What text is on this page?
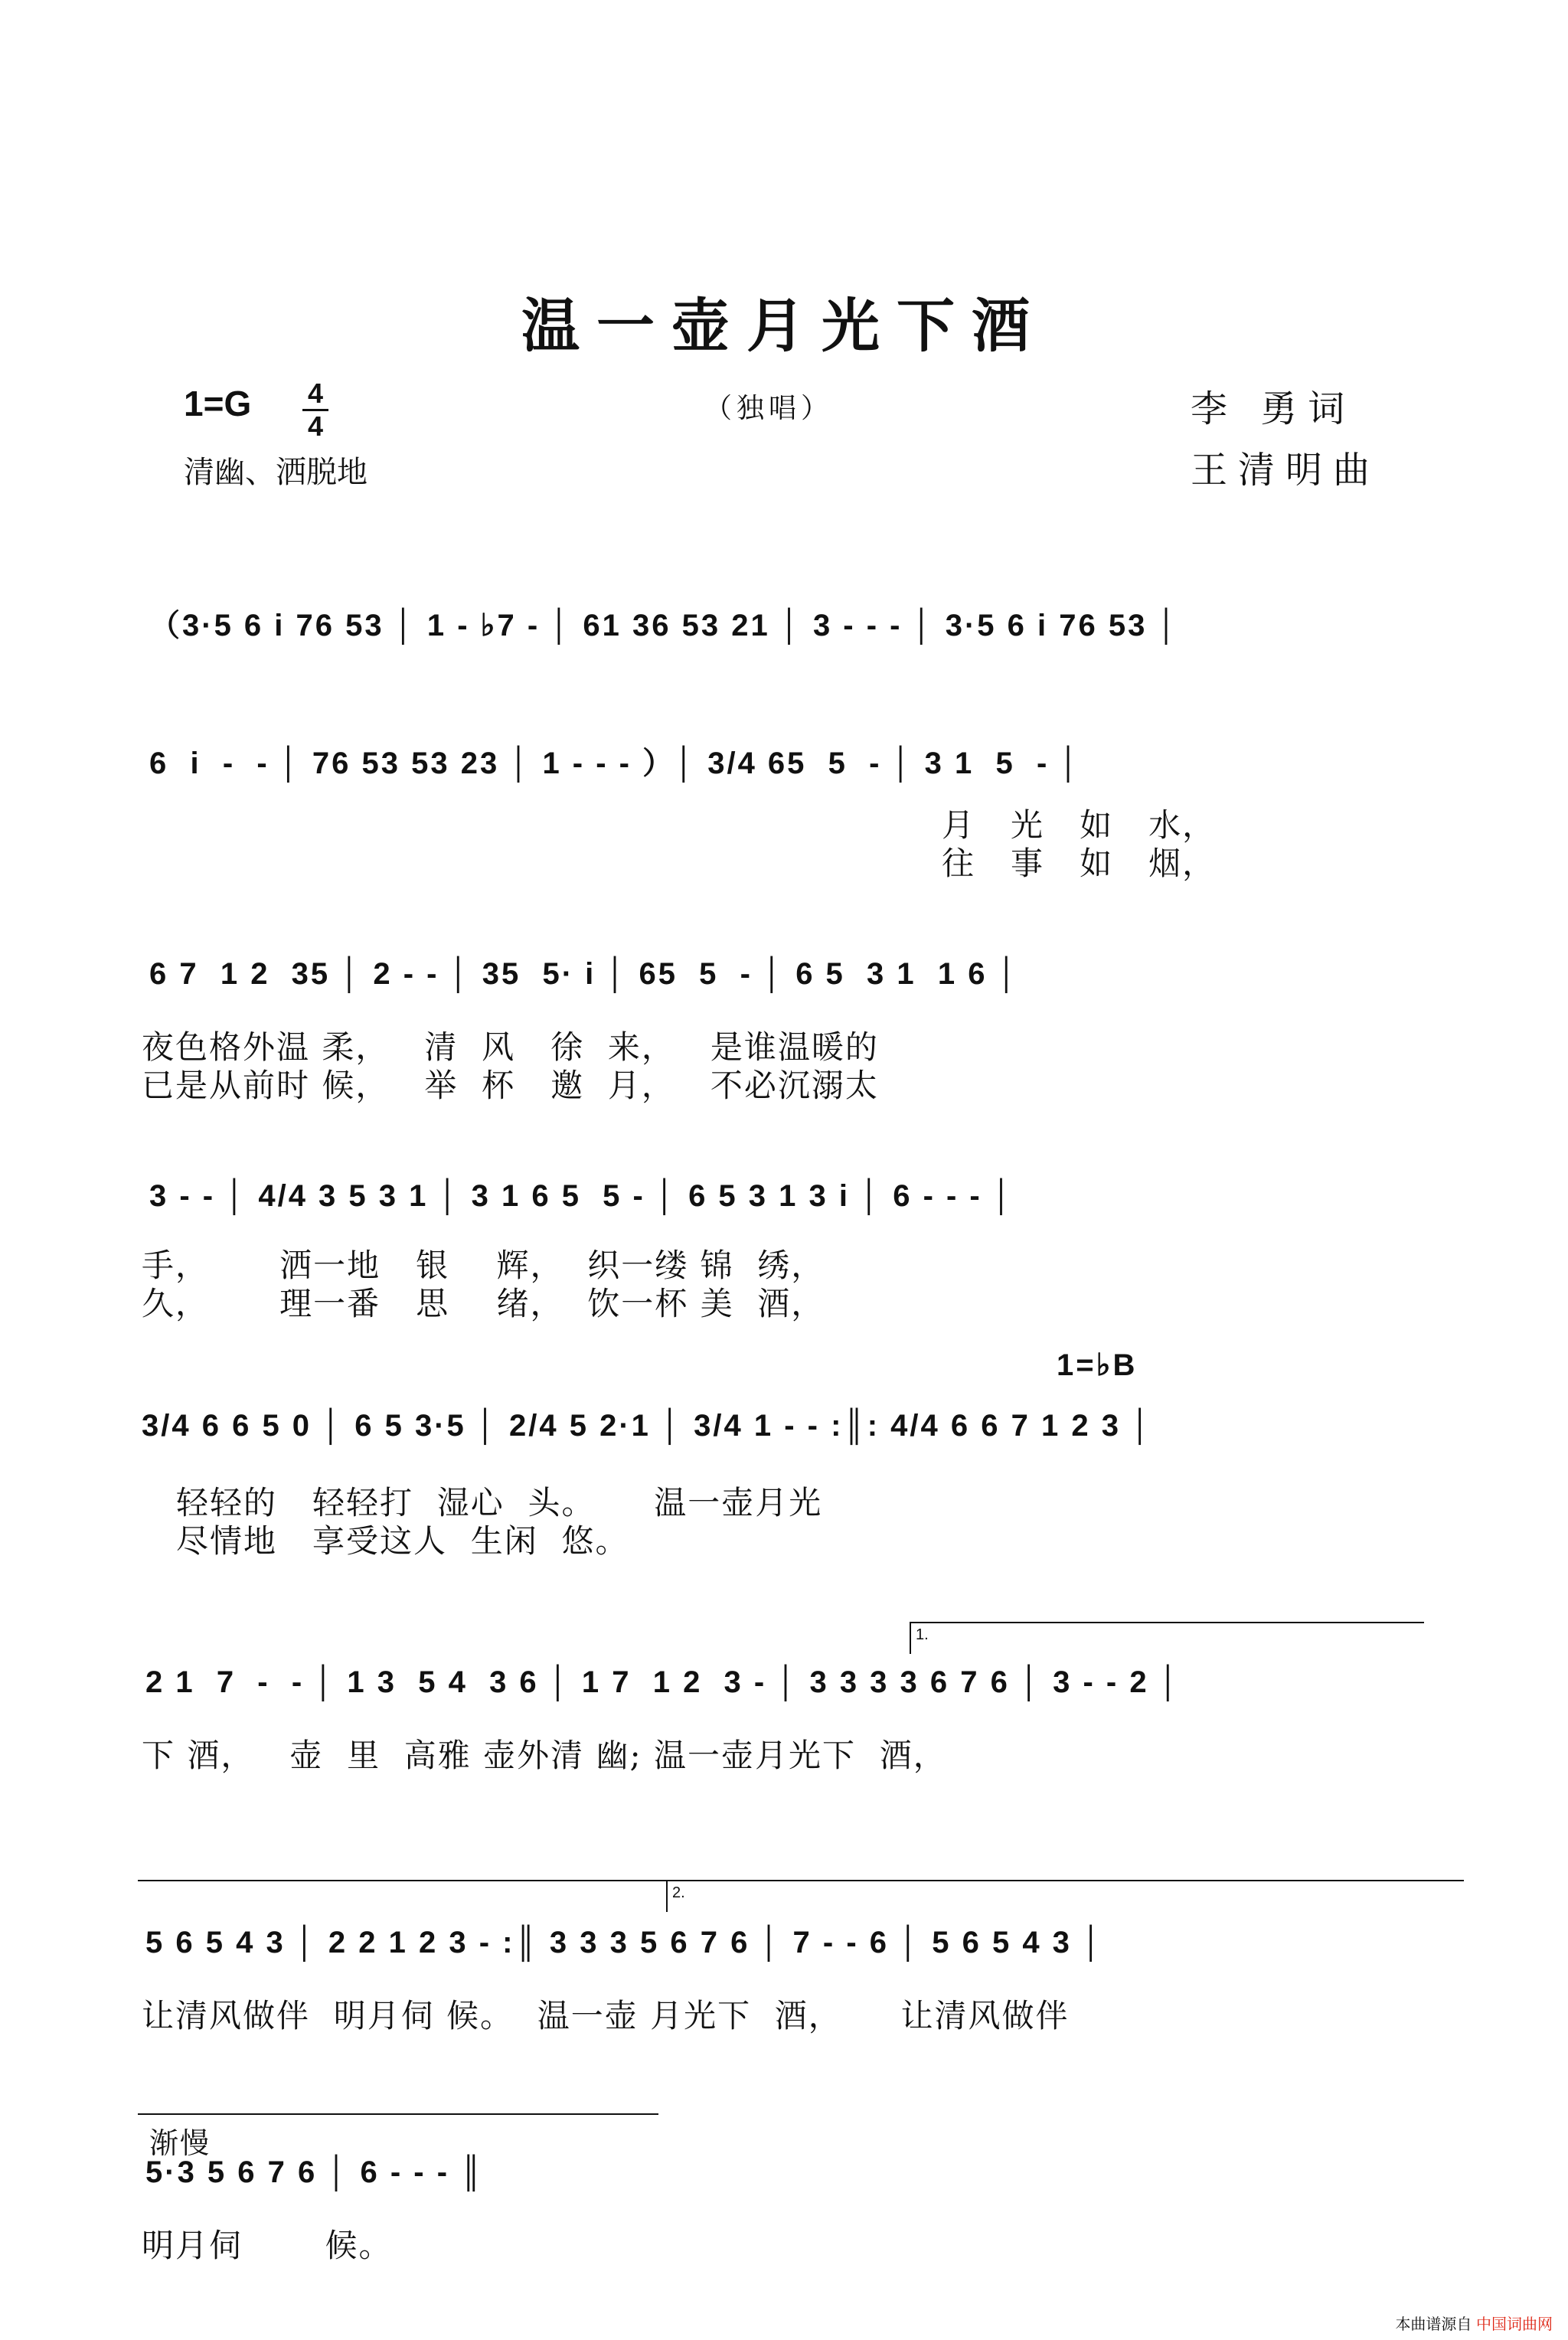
温一壶月光下酒
1=G 4
4
清幽、洒脱地
（独唱）	李 勇词
王清明曲
（3·5 6 i 76 53 │ 1 - ♭7 - │ 61 36 53 21 │ 3 - - - │ 3·5 6 i 76 53 │
6  i  -  - │ 76 53 53 23 │ 1 - - - ）│ 3/4 65  5  - │ 3 1  5  - │
月   光   如   水，
往   事   如   烟，
6 7  1 2  35 │ 2 - - │ 35  5· i │ 65  5  - │ 6 5  3 1  1 6 │
夜色格外温 柔，   清  风   徐  来，   是谁温暖的
已是从前时 候，   举  杯   邀  月，   不必沉溺太
3 - - │ 4/4 3 5 3 1 │ 3 1 6 5  5 - │ 6 5 3 1 3 i │ 6 - - - │
手，      洒一地   银    辉，  织一缕 锦  绣，
久，      理一番   思    绪，  饮一杯 美  酒，
1=♭B
3/4 6 6 5 0 │ 6 5 3·5 │ 2/4 5 2·1 │ 3/4 1 - - :║: 4/4 6 6 7 1 2 3 │
轻轻的   轻轻打  湿心  头。     温一壶月光
尽情地   享受这人  生闲  悠。
1.
2 1  7  -  - │ 1 3  5 4  3 6 │ 1 7  1 2  3 - │ 3 3 3 3 6 7 6 │ 3 - - 2 │
下 酒，   壶  里  高雅 壶外清 幽; 温一壶月光下  酒，
2.
5 6 5 4 3 │ 2 2 1 2 3 - :║ 3 3 3 5 6 7 6 │ 7 - - 6 │ 5 6 5 4 3 │
让清风做伴  明月伺 候。  温一壶 月光下  酒，     让清风做伴
渐慢
5·3 5 6 7 6 │ 6 - - - ║
明月伺       候。
本曲谱源自 中国词曲网
